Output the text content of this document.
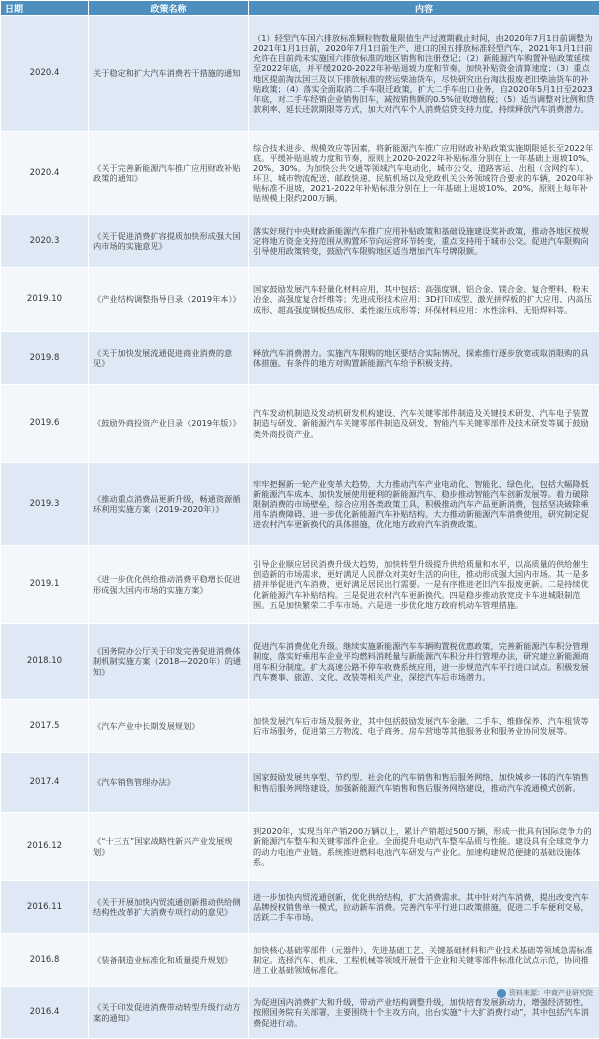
日期	政策名称	内容

2020.4	关于稳定和扩大汽车消费若干措施的通知	（1）轻型汽车国六排放标准颗粒物数量限值生产过渡期截止时间，由2020年7月1日前调整为2021年1月1日前，2020年7月1日前生产、进口的国五排放标准轻型汽车，2021年1月1日前允许在目前尚未实施国六排放标准的地区销售和注册登记；（2）新能源汽车购置补贴政策延续至2022年底，并平缓2020-2022年补贴退坡力度和节奏，加快补贴资金清算速度；（3）重点地区提前淘汰国三及以下排放标准的营运柴油货车，尽快研究出台淘汰报废老旧柴油货车的补贴政策；（4）落实全面取消二手车限迁政策，扩大二手车出口业务，自2020年5月1日至2023年底，对二手车经销企业销售旧车，减按销售额的0.5%征收增值税；（5）适当调整对比例和贷款利率、延长还款期限等方式，加大对汽车个人消费信贷支持力度，持续释放汽车消费潜力。

2020.4	《关于完善新能源汽车推广应用财政补贴政策的通知》	综合技术进步、规模效应等因素，将新能源汽车推广应用财政补贴政策实施期限延长至2022年底。平缓补贴退坡力度和节奏，原则上2020-2022年补贴标准分别在上一年基础上退坡10%、20%、30%。为加快公共交通等领域汽车电动化，城市公交、道路客运、出租（含网约车）、环卫、城市物流配送、邮政快递、民航机场以及党政机关公务领域符合要求的车辆，2020年补贴标准不退坡，2021-2022年补贴标准分别在上一年基础上退坡10%、20%。原则上每年补贴规模上限约200万辆。

2020.3	《关于促进消费扩容提质加快形成强大国内市场的实施意见》	落实好现行中央财政新能源汽车推广应用补贴政策和基础设施建设奖补政策，推动各地区按规定将地方资金支持范围从购置环节向运营环节转变，重点支持用于城市公交。促进汽车限购向引导使用政策转变，鼓励汽车限购地区适当增加汽车号牌限额。

2019.10	《产业结构调整指导目录（2019年本）》	国家鼓励发展汽车轻量化材料应用，其中包括：高强度钢、铝合金、镁合金、复合塑料、粉末冶金、高强度复合纤维等；先进成形技术应用：3D打印成型、激光拼焊板的扩大应用、内高压成形、超高强度钢板热成形、柔性滚压成形等；环保材料应用：水性涂料、无铅焊料等。

2019.8	《关于加快发展流通促进商业消费的意见》	释放汽车消费潜力。实施汽车限购的地区要结合实际情况，探索推行逐步放宽或取消限购的具体措施。有条件的地方对购置新能源汽车给予积极支持。

2019.6	《鼓励外商投资产业目录（2019年版）》	汽车发动机制造及发动机研发机构建设、汽车关键零部件制造及关键技术研发、汽车电子装置制造与研发、新能源汽车关键零部件制造及研发、智能汽车关键零部件及技术研发等属于鼓励类外商投资产业。

2019.3	《推动重点消费品更新升级，畅通资源循环利用实施方案（2019-2020年）》	牢牢把握新一轮产业变革大趋势，大力推动汽车产业电动化、智能化、绿色化，包括大幅降低新能源汽车成本、加快发展使用便利的新能源汽车、稳步推动智能汽车创新发展等。着力破除限制消费的市场壁垒，综合应用各类政策工具，积极推动汽车产品更新消费，包括坚决破除乘用车消费障碍、进一步优化新能源汽车补贴结构。大力推动新能源汽车消费使用，研究制定促进农村汽车更新换代的具体措施，优化地方政府汽车消费政策。

2019.1	《进一步优化供给推动消费平稳增长促进形成强大国内市场的实施方案》	引导企业顺应居民消费升级大趋势，加快转型升级提升供给质量和水平，以高质量的供给催生创造新的市场需求，更好满足人民群众对美好生活的向往，推动形成强大国内市场。其一是多措并举促进汽车消费，更好满足居民出行需要。一是有序推进老旧汽车报废更新。二是持续优化新能源汽车补贴结构。三是促进农村汽车更新换代。四是稳步推动放宽皮卡车进城限制范围。五是加快繁荣二手车市场。六是进一步优化地方政府机动车管理措施。

2018.10	《国务院办公厅关于印发完善促进消费体制机制实施方案（2018—2020年）的通知》	促进汽车消费优化升级。继续实施新能源汽车车辆购置税优惠政策，完善新能源汽车积分管理制度，落实好乘用车企业平均燃料消耗量与新能源汽车积分并行管理办法，研究建立新能源商用车积分制度。扩大高速公路不停车收费系统应用，进一步规范汽车平行进口试点。积极发展汽车赛事、旅游、文化、改装等相关产业，深挖汽车后市场潜力。

2017.5	《汽车产业中长期发展规划》	加快发展汽车后市场及服务业，其中包括鼓励发展汽车金融、二手车、维修保养、汽车租赁等后市场服务，促进第三方物流、电子商务、房车营地等其他服务业和服务业协同发展等。

2017.4	《汽车销售管理办法》	国家鼓励发展共享型、节约型、社会化的汽车销售和售后服务网络，加快城乡一体的汽车销售和售后服务网络建设，加强新能源汽车销售和售后服务网络建设，推动汽车流通模式创新。

2016.12	《“十三五”国家战略性新兴产业发展规划》	到2020年，实现当年产销200万辆以上，累计产销超过500万辆，形成一批具有国际竞争力的新能源汽车整车和关键零部件企业。全面提升电动汽车整车品质与性能。建设具有全球竞争力的动力电池产业链。系统推进燃料电池汽车研发与产业化。加速构建规范便捷的基础设施体系。

2016.11	《关于开展加快内贸流通创新推动供给侧结构性改革扩大消费专项行动的意见》	进一步加快内贸流通创新，优化供给结构，扩大消费需求。其中针对汽车消费，提出改变汽车品牌授权销售单一模式，拉动新车消费。完善汽车平行进口政策措施，促进二手车便利交易，活跃二手车市场。

2016.8	《装备制造业标准化和质量提升规划》	加快核心基础零部件（元器件）、先进基础工艺、关键基础材料和产业技术基础等领域急需标准制定。选择汽车、机床、工程机械等领域开展骨干企业和关键零部件标准化试点示范，协同推进工业基础领域标准化。

2016.4	《关于印发促进消费带动转型升级行动方案的通知》	为促进国内消费扩大和升级，带动产业结构调整升级，加快培育发展新动力，增强经济韧性，按照国务院有关部署，主要围绕十个主攻方向，出台实施“十大扩消费行动”，其中包括汽车消费促进行动。
资料来源：中商产业研究院
